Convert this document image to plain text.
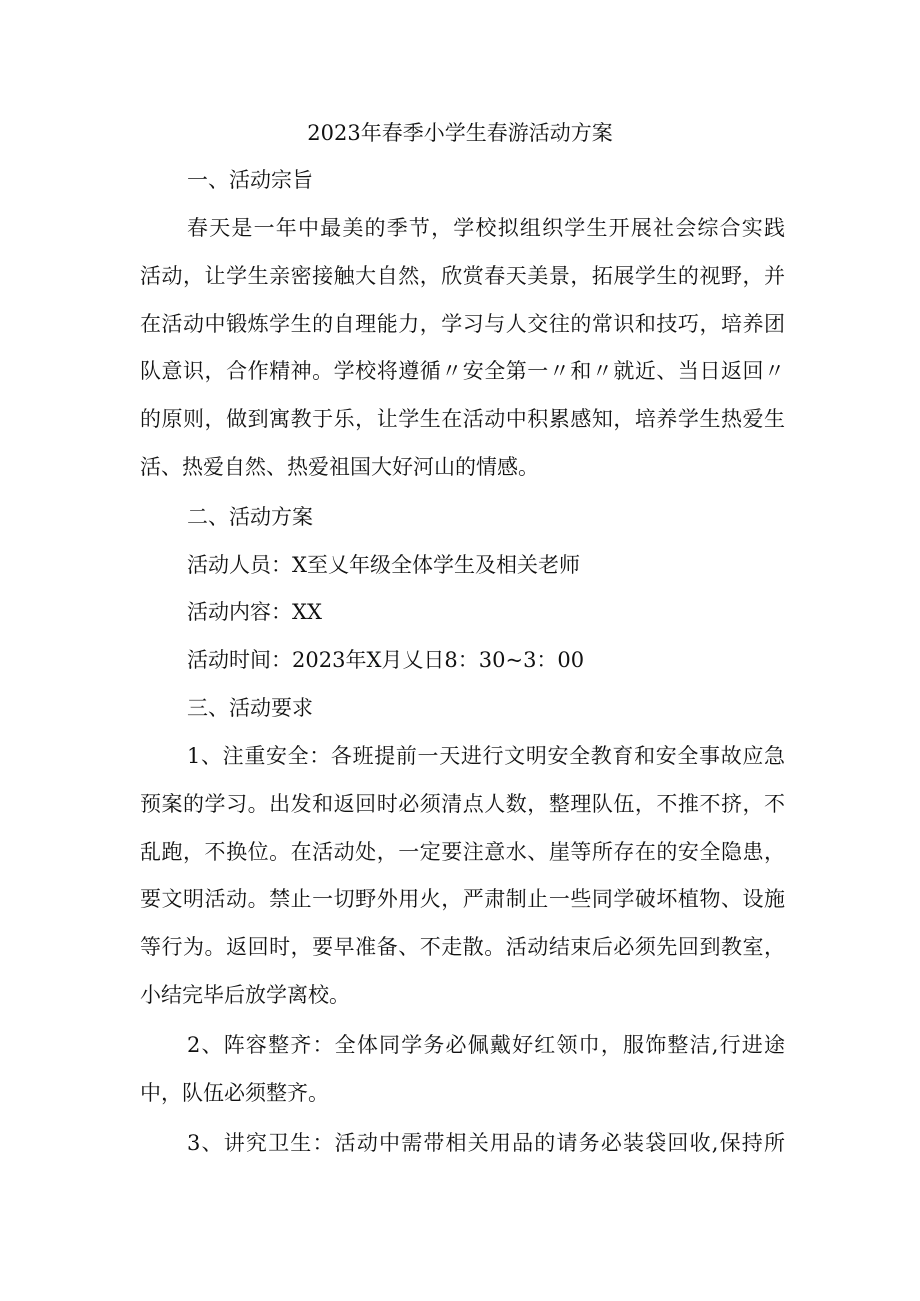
2023年春季小学生春游活动方案
一、活动宗旨
春天是一年中最美的季节，学校拟组织学生开展社会综合实践
活动，让学生亲密接触大自然，欣赏春天美景，拓展学生的视野，并
在活动中锻炼学生的自理能力，学习与人交往的常识和技巧，培养团
队意识，合作精神。学校将遵循〃安全第一〃和〃就近、当日返回〃
的原则，做到寓教于乐，让学生在活动中积累感知，培养学生热爱生
活、热爱自然、热爱祖国大好河山的情感。
二、活动方案
活动人员：X至乂年级全体学生及相关老师
活动内容：XX
活动时间：2023年X月乂日8：30~3：00
三、活动要求
1、注重安全：各班提前一天进行文明安全教育和安全事故应急
预案的学习。出发和返回时必须清点人数，整理队伍，不推不挤，不
乱跑，不换位。在活动处，一定要注意水、崖等所存在的安全隐患，
要文明活动。禁止一切野外用火，严肃制止一些同学破坏植物、设施
等行为。返回时，要早准备、不走散。活动结束后必须先回到教室，
小结完毕后放学离校。
2、阵容整齐：全体同学务必佩戴好红领巾，服饰整洁,行进途
中，队伍必须整齐。
3、讲究卫生：活动中需带相关用品的请务必装袋回收,保持所
